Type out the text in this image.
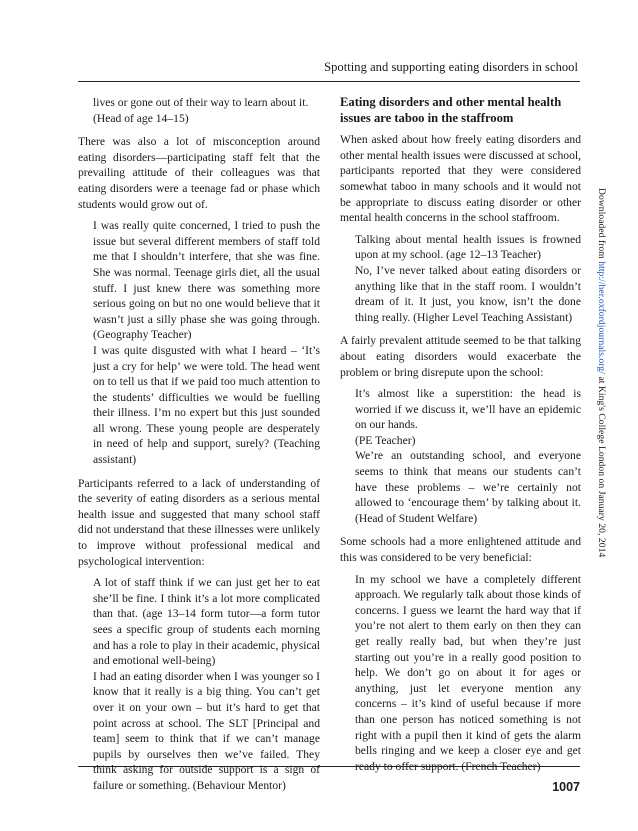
Spotting and supporting eating disorders in school

lives or gone out of their way to learn about it.

(Head of age 14–15)

There was also a lot of misconception around eating disorders—participating staff felt that the prevailing attitude of their colleagues was that eating disorders were a teenage fad or phase which students would grow out of.

I was really quite concerned, I tried to push the issue but several different members of staff told me that I shouldn’t interfere, that she was fine. She was normal. Teenage girls diet, all the usual stuff. I just knew there was something more serious going on but no one would believe that it wasn’t just a silly phase she was going through. (Geography Teacher)

I was quite disgusted with what I heard – ‘It’s just a cry for help’ we were told. The head went on to tell us that if we paid too much attention to the students’ difficulties we would be fuelling their illness. I’m no expert but this just sounded all wrong. These young people are desperately in need of help and support, surely? (Teaching assistant)

Participants referred to a lack of understanding of the severity of eating disorders as a serious mental health issue and suggested that many school staff did not understand that these illnesses were unlikely to improve without professional medical and psychological intervention:

A lot of staff think if we can just get her to eat she’ll be fine. I think it’s a lot more complicated than that. (age 13–14 form tutor—a form tutor sees a specific group of students each morning and has a role to play in their academic, physical and emotional well-being)

I had an eating disorder when I was younger so I know that it really is a big thing. You can’t get over it on your own – but it’s hard to get that point across at school. The SLT [Principal and team] seem to think that if we can’t manage pupils by ourselves then we’ve failed. They think asking for outside support is a sign of failure or something. (Behaviour Mentor)

Eating disorders and other mental health issues are taboo in the staffroom

When asked about how freely eating disorders and other mental health issues were discussed at school, participants reported that they were considered somewhat taboo in many schools and it would not be appropriate to discuss eating disorder or other mental health concerns in the school staffroom.

Talking about mental health issues is frowned upon at my school. (age 12–13 Teacher)

No, I’ve never talked about eating disorders or anything like that in the staff room. I wouldn’t dream of it. It just, you know, isn’t the done thing really. (Higher Level Teaching Assistant)

A fairly prevalent attitude seemed to be that talking about eating disorders would exacerbate the problem or bring disrepute upon the school:

It’s almost like a superstition: the head is worried if we discuss it, we’ll have an epidemic on our hands.

(PE Teacher)

We’re an outstanding school, and everyone seems to think that means our students can’t have these problems – we’re certainly not allowed to ‘encourage them’ by talking about it. (Head of Student Welfare)

Some schools had a more enlightened attitude and this was considered to be very beneficial:

In my school we have a completely different approach. We regularly talk about those kinds of concerns. I guess we learnt the hard way that if you’re not alert to them early on then they can get really really bad, but when they’re just starting out you’re in a really good position to help. We don’t go on about it for ages or anything, just let everyone mention any concerns – it’s kind of useful because if more than one person has noticed something is not right with a pupil then it kind of gets the alarm bells ringing and we keep a closer eye and get ready to offer support. (French Teacher)

Downloaded from http://her.oxfordjournals.org/ at King's College London on January 20, 2014
1007
